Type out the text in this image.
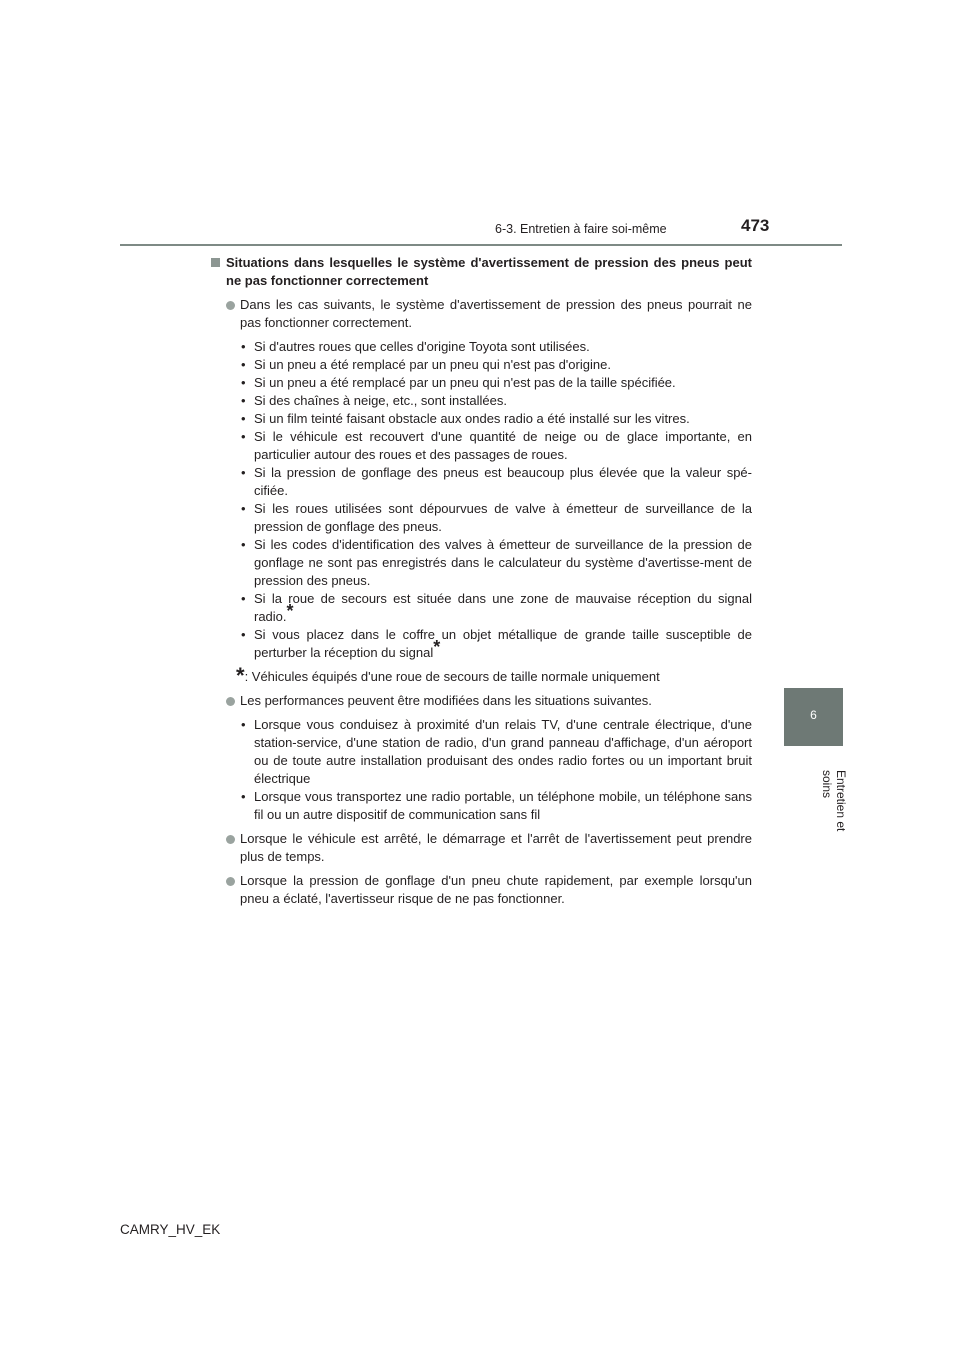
6-3. Entretien à faire soi-même	473
6
Entretien et soins

Situations dans lesquelles le système d'avertissement de pression des pneus peut ne pas fonctionner correctement

Dans les cas suivants, le système d'avertissement de pression des pneus pourrait ne pas fonctionner correctement.
• Si d'autres roues que celles d'origine Toyota sont utilisées.
• Si un pneu a été remplacé par un pneu qui n'est pas d'origine.
• Si un pneu a été remplacé par un pneu qui n'est pas de la taille spécifiée.
• Si des chaînes à neige, etc., sont installées.
• Si un film teinté faisant obstacle aux ondes radio a été installé sur les vitres.
• Si le véhicule est recouvert d'une quantité de neige ou de glace importante, en particulier autour des roues et des passages de roues.
• Si la pression de gonflage des pneus est beaucoup plus élevée que la valeur spé-cifiée.
• Si les roues utilisées sont dépourvues de valve à émetteur de surveillance de la pression de gonflage des pneus.
• Si les codes d'identification des valves à émetteur de surveillance de la pression de gonflage ne sont pas enregistrés dans le calculateur du système d'avertisse-ment de pression des pneus.
• Si la roue de secours est située dans une zone de mauvaise réception du signal radio.*
• Si vous placez dans le coffre un objet métallique de grande taille susceptible de perturber la réception du signal*
*: Véhicules équipés d'une roue de secours de taille normale uniquement
Les performances peuvent être modifiées dans les situations suivantes.
• Lorsque vous conduisez à proximité d'un relais TV, d'une centrale électrique, d'une station-service, d'une station de radio, d'un grand panneau d'affichage, d'un aéroport ou de toute autre installation produisant des ondes radio fortes ou un important bruit électrique
• Lorsque vous transportez une radio portable, un téléphone mobile, un téléphone sans fil ou un autre dispositif de communication sans fil
Lorsque le véhicule est arrêté, le démarrage et l'arrêt de l'avertissement peut prendre plus de temps.
Lorsque la pression de gonflage d'un pneu chute rapidement, par exemple lorsqu'un pneu a éclaté, l'avertisseur risque de ne pas fonctionner.
CAMRY_HV_EK
